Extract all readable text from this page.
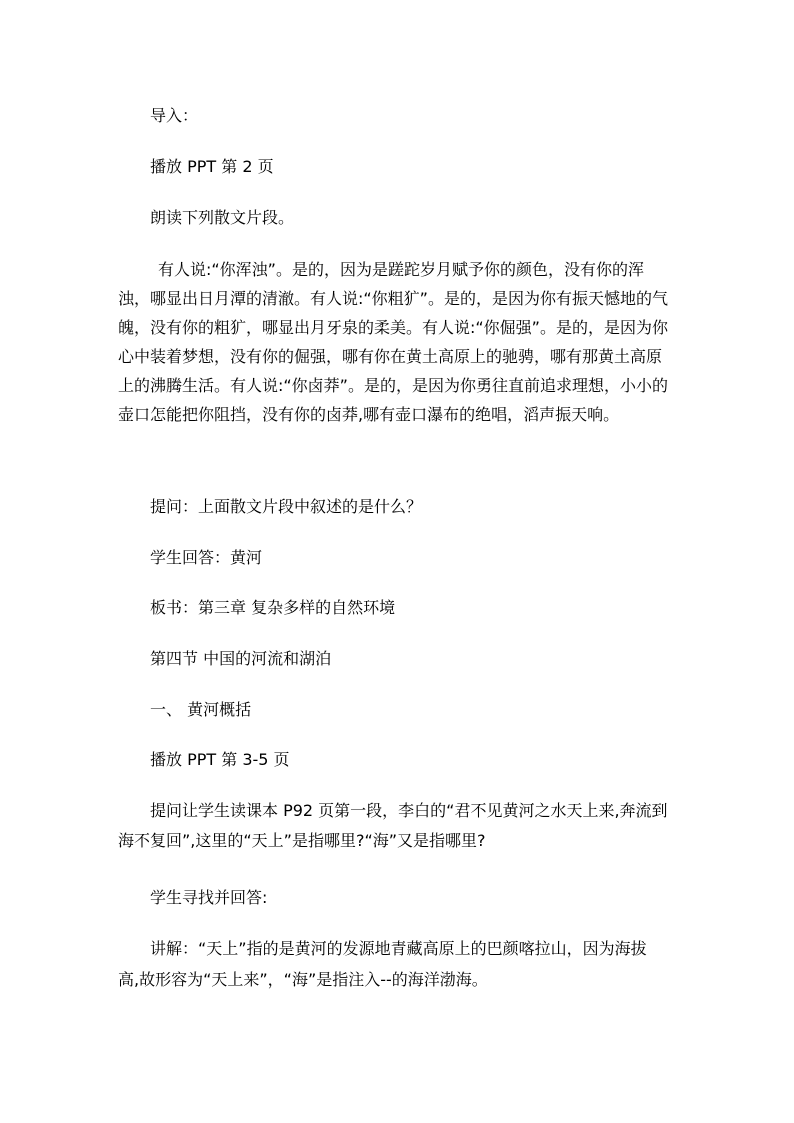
导入：

播放 PPT 第 2 页

朗读下列散文片段。

有人说:“你浑浊”。是的，因为是蹉跎岁月赋予你的颜色，没有你的浑
浊，哪显出日月潭的清澈。有人说:“你粗犷”。是的，是因为你有振天憾地的气
魄，没有你的粗犷，哪显出月牙泉的柔美。有人说:“你倔强”。是的，是因为你
心中装着梦想，没有你的倔强，哪有你在黄土高原上的驰骋，哪有那黄土高原
上的沸腾生活。有人说:“你卤莽”。是的，是因为你勇往直前追求理想，小小的
壶口怎能把你阻挡，没有你的卤莽,哪有壶口瀑布的绝唱，滔声振天响。

提问：上面散文片段中叙述的是什么？

学生回答：黄河

板书：第三章 复杂多样的自然环境

第四节 中国的河流和湖泊

一、 黄河概括

播放 PPT 第 3-5 页

提问让学生读课本 P92 页第一段，李白的“君不见黄河之水天上来,奔流到
海不复回”,这里的“天上”是指哪里?“海”又是指哪里?

学生寻找并回答:

讲解：“天上”指的是黄河的发源地青藏高原上的巴颜喀拉山，因为海拔
高,故形容为“天上来”，“海”是指注入--的海洋渤海。
